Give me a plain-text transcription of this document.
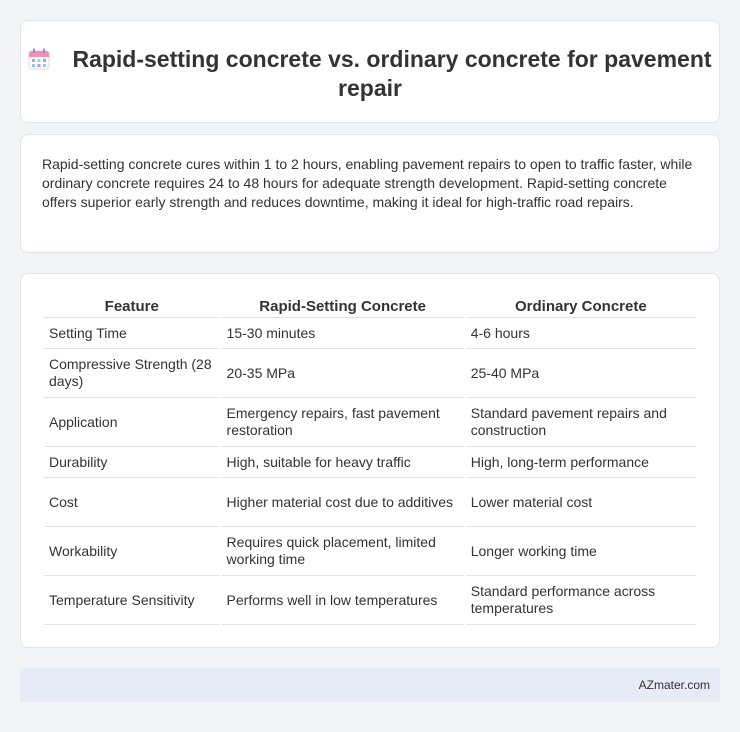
Rapid-setting concrete vs. ordinary concrete for pavement repair

Rapid-setting concrete cures within 1 to 2 hours, enabling pavement repairs to open to traffic faster, while ordinary concrete requires 24 to 48 hours for adequate strength development. Rapid-setting concrete offers superior early strength and reduces downtime, making it ideal for high-traffic road repairs.

Feature	Rapid-Setting Concrete	Ordinary Concrete
Setting Time	15-30 minutes	4-6 hours
Compressive Strength (28 days)	20-35 MPa	25-40 MPa
Application	Emergency repairs, fast pavement restoration	Standard pavement repairs and construction
Durability	High, suitable for heavy traffic	High, long-term performance
Cost	Higher material cost due to additives	Lower material cost
Workability	Requires quick placement, limited working time	Longer working time
Temperature Sensitivity	Performs well in low temperatures	Standard performance across temperatures
AZmater.com
